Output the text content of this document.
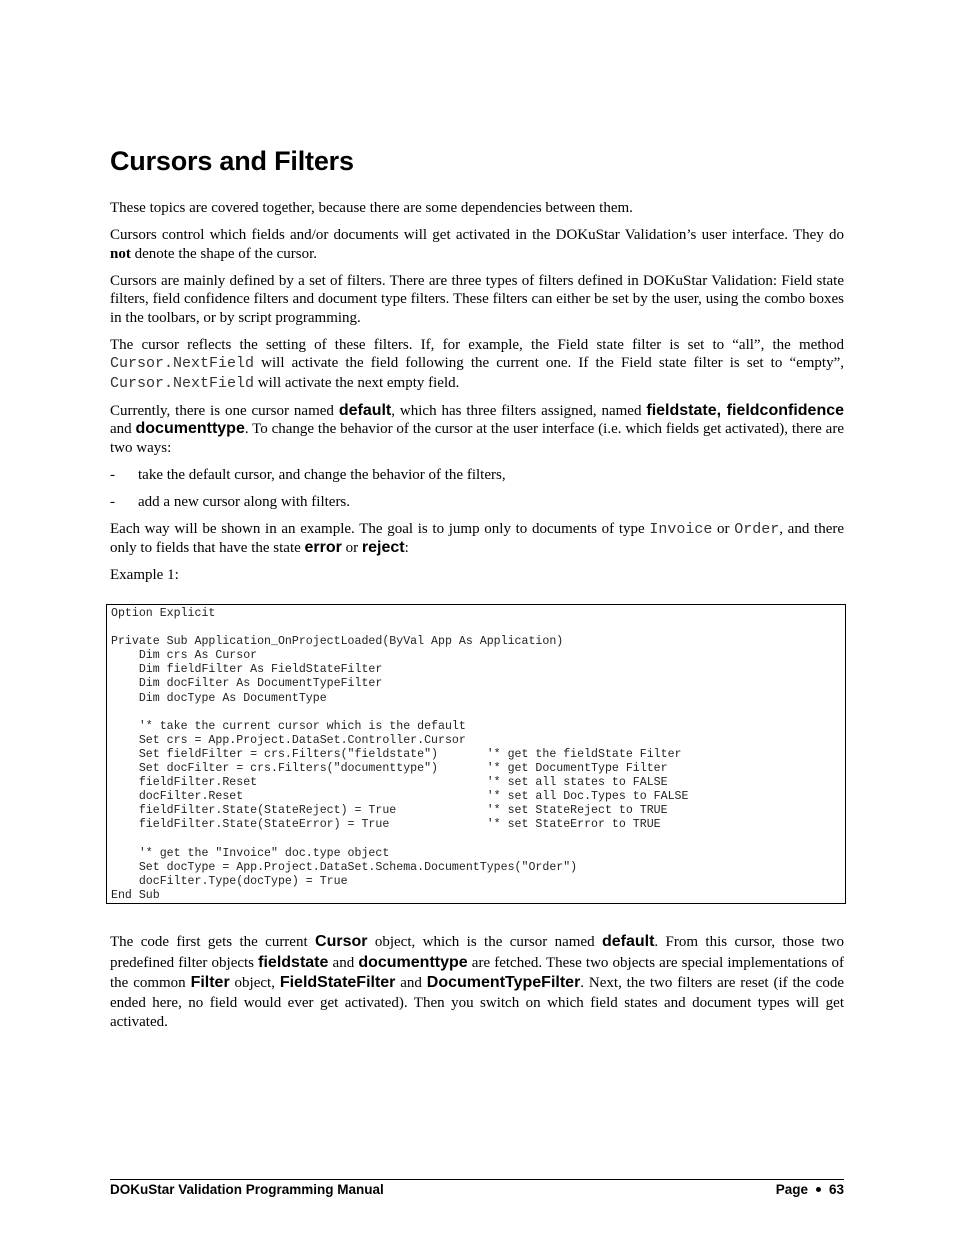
Cursors and Filters

These topics are covered together, because there are some dependencies between them.

Cursors control which fields and/or documents will get activated in the DOKuStar Validation’s user interface. They do not denote the shape of the cursor.

Cursors are mainly defined by a set of filters. There are three types of filters defined in DOKuStar Validation: Field state filters, field confidence filters and document type filters. These filters can either be set by the user, using the combo boxes in the toolbars, or by script programming.

The cursor reflects the setting of these filters. If, for example, the Field state filter is set to “all”, the method Cursor.NextField will activate the field following the current one. If the Field state filter is set to “empty”, Cursor.NextField will activate the next empty field.

Currently, there is one cursor named default, which has three filters assigned, named fieldstate, fieldconfidence and documenttype. To change the behavior of the cursor at the user interface (i.e. which fields get activated), there are two ways:

-	take the default cursor, and change the behavior of the filters,
-	add a new cursor along with filters.

Each way will be shown in an example. The goal is to jump only to documents of type Invoice or Order, and there only to fields that have the state error or reject:

Example 1:

Option Explicit
Private Sub Application_OnProjectLoaded(ByVal App As Application)
Dim crs As Cursor
Dim fieldFilter As FieldStateFilter
Dim docFilter As DocumentTypeFilter
Dim docType As DocumentType
'* take the current cursor which is the default
Set crs = App.Project.DataSet.Controller.Cursor
Set fieldFilter = crs.Filters("fieldstate")       '* get the fieldState Filter
Set docFilter = crs.Filters("documenttype")       '* get DocumentType Filter
fieldFilter.Reset                                 '* set all states to FALSE
docFilter.Reset                                   '* set all Doc.Types to FALSE
fieldFilter.State(StateReject) = True             '* set StateReject to TRUE
fieldFilter.State(StateError) = True              '* set StateError to TRUE
'* get the "Invoice" doc.type object
Set docType = App.Project.DataSet.Schema.DocumentTypes("Order")
docFilter.Type(docType) = True
End Sub

The code first gets the current Cursor object, which is the cursor named default. From this cursor, those two predefined filter objects fieldstate and documenttype are fetched. These two objects are special implementations of the common Filter object, FieldStateFilter and DocumentTypeFilter. Next, the two filters are reset (if the code ended here, no field would ever get activated). Then you switch on which field states and document types will get activated.

DOKuStar Validation Programming Manual	Page 63
